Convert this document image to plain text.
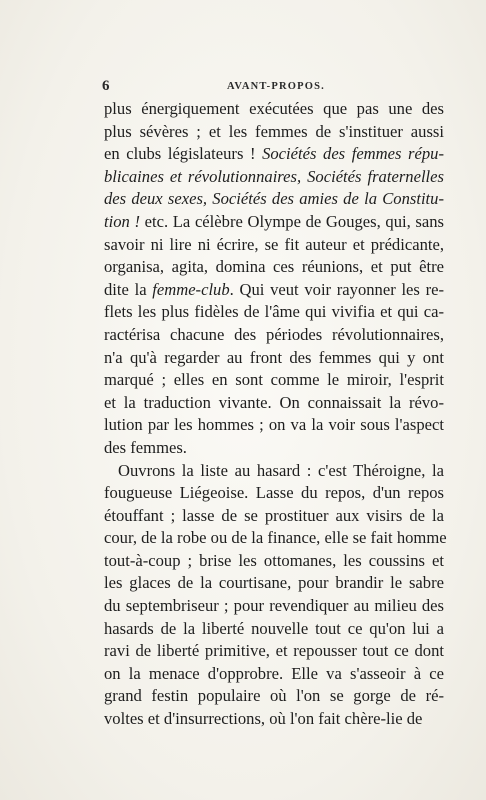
6	AVANT-PROPOS.
plus énergiquement exécutées que pas une des
plus sévères ; et les femmes de s'instituer aussi
en clubs législateurs ! Sociétés des femmes répu-
blicaines et révolutionnaires, Sociétés fraternelles
des deux sexes, Sociétés des amies de la Constitu-
tion ! etc. La célèbre Olympe de Gouges, qui, sans
savoir ni lire ni écrire, se fit auteur et prédicante,
organisa, agita, domina ces réunions, et put être
dite la femme-club. Qui veut voir rayonner les re-
flets les plus fidèles de l'âme qui vivifia et qui ca-
ractérisa chacune des périodes révolutionnaires,
n'a qu'à regarder au front des femmes qui y ont
marqué ; elles en sont comme le miroir, l'esprit
et la traduction vivante. On connaissait la révo-
lution par les hommes ; on va la voir sous l'aspect
des femmes.
Ouvrons la liste au hasard : c'est Théroigne, la
fougueuse Liégeoise. Lasse du repos, d'un repos
étouffant ; lasse de se prostituer aux visirs de la
cour, de la robe ou de la finance, elle se fait homme
tout-à-coup ; brise les ottomanes, les coussins et
les glaces de la courtisane, pour brandir le sabre
du septembriseur ; pour revendiquer au milieu des
hasards de la liberté nouvelle tout ce qu'on lui a
ravi de liberté primitive, et repousser tout ce dont
on la menace d'opprobre. Elle va s'asseoir à ce
grand festin populaire où l'on se gorge de ré-
voltes et d'insurrections, où l'on fait chère-lie de
